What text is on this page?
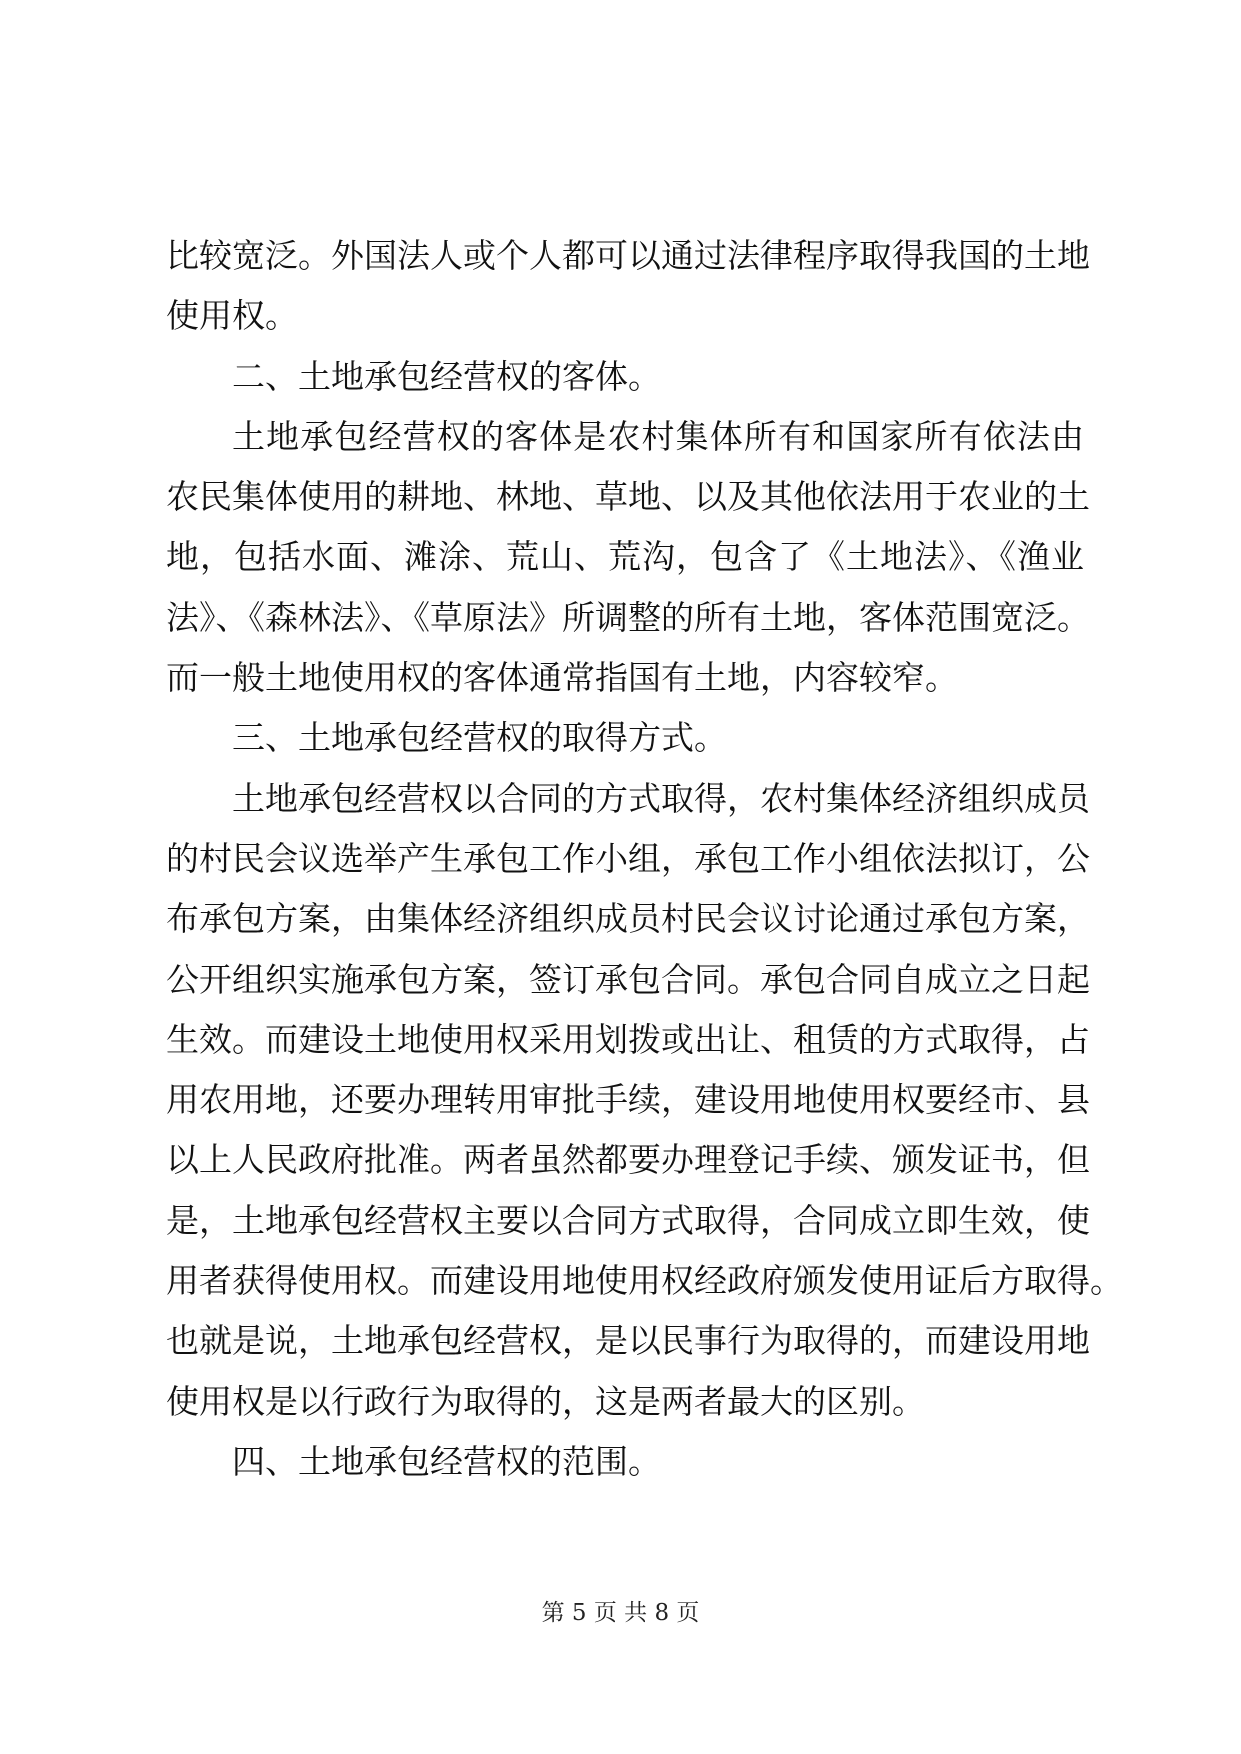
比较宽泛。外国法人或个人都可以通过法律程序取得我国的土地
使用权。
二、土地承包经营权的客体。
土地承包经营权的客体是农村集体所有和国家所有依法由
农民集体使用的耕地、林地、草地、以及其他依法用于农业的土
地，包括水面、滩涂、荒山、荒沟，包含了《土地法》、《渔业
法》、《森林法》、《草原法》所调整的所有土地，客体范围宽泛。
而一般土地使用权的客体通常指国有土地，内容较窄。
三、土地承包经营权的取得方式。
土地承包经营权以合同的方式取得，农村集体经济组织成员
的村民会议选举产生承包工作小组，承包工作小组依法拟订，公
布承包方案，由集体经济组织成员村民会议讨论通过承包方案，
公开组织实施承包方案，签订承包合同。承包合同自成立之日起
生效。而建设土地使用权采用划拨或出让、租赁的方式取得，占
用农用地，还要办理转用审批手续，建设用地使用权要经市、县
以上人民政府批准。两者虽然都要办理登记手续、颁发证书，但
是，土地承包经营权主要以合同方式取得，合同成立即生效，使
用者获得使用权。而建设用地使用权经政府颁发使用证后方取得。
也就是说，土地承包经营权，是以民事行为取得的，而建设用地
使用权是以行政行为取得的，这是两者最大的区别。
四、土地承包经营权的范围。
第 5 页 共 8 页
